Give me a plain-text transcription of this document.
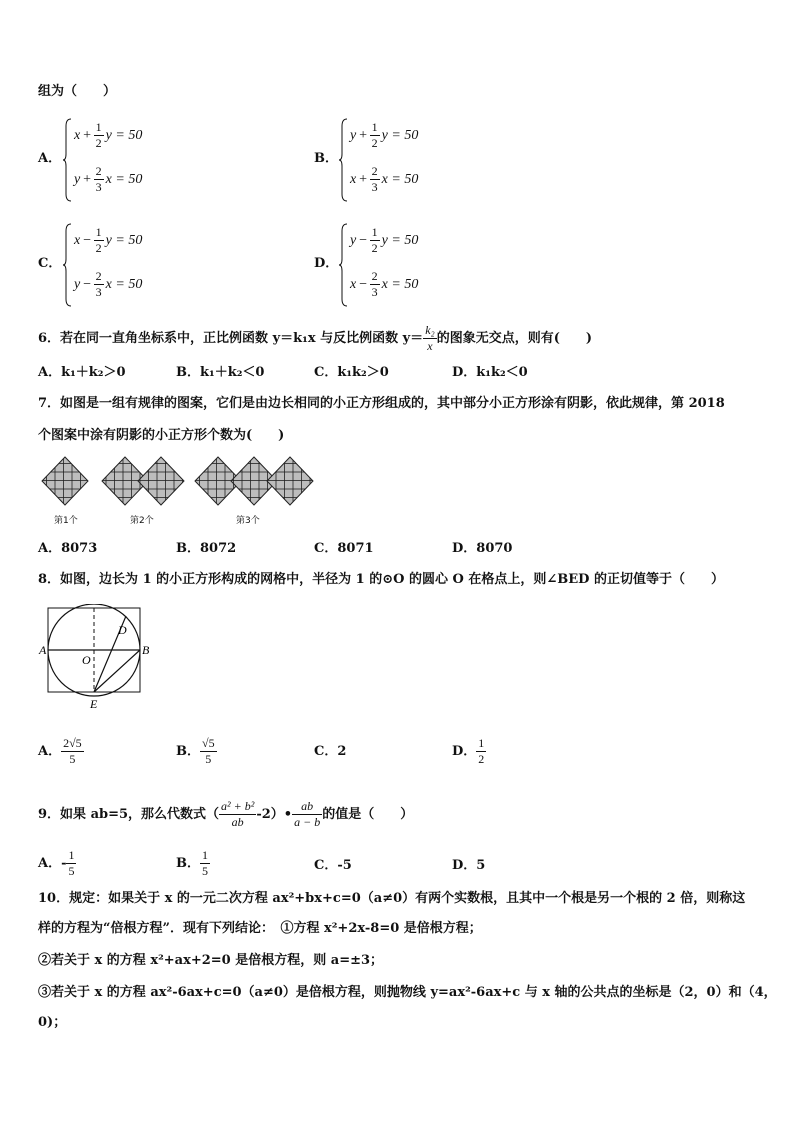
组为（　　）
A．
$x + \frac{1}{2}$ y = 50
$y + \frac{2}{3}$ x = 50
B．
$y + \frac{1}{2}$ y = 50
$x + \frac{2}{3}$ x = 50
C．
$x - \frac{1}{2}$ y = 50
$y - \frac{2}{3}$ x = 50
D．
$y - \frac{1}{2}$ y = 50
$x - \frac{2}{3}$ x = 50
6．若在同一直角坐标系中，正比例函数 y＝k₁x 与反比例函数 $y= \frac{\text{k₂}}{x}$ 的图象无交点，则有(　　)
A．k₁＋k₂＞0	B．k₁＋k₂＜0	C．k₁k₂＞0	D．k₁k₂＜0
7．如图是一组有规律的图案，它们是由边长相同的小正方形组成的，其中部分小正方形涂有阴影，依此规律，第 2018
个图案中涂有阴影的小正方形个数为(　　)
第1个	第2个	第3个
A．8073	B．8072	C．8071	D．8070
8．如图，边长为 1 的小正方形构成的网格中，半径为 1 的⊙O 的圆心 O 在格点上，则∠BED 的正切值等于（　　）
A	B
O
D
E
A． $\frac{2√5}{5}$	B． $\frac{√5}{5}$	C．2	D． $\frac{1}{2}$
9．如果 ab=5，那么代数式（ $\frac{\text{a² + b²}}{ab}$ -2）• $\frac{ab}{a - b}$ 的值是（　　）
A．- $\frac{1}{5}$	B． $\frac{1}{5}$	C．-5	D．5
10．规定：如果关于 x 的一元二次方程 ax²+bx+c=0（a≠0）有两个实数根，且其中一个根是另一个根的 2 倍，则称这
样的方程为“倍根方程”．现有下列结论：　①方程 x²+2x-8=0 是倍根方程；
②若关于 x 的方程 x²+ax+2=0 是倍根方程，则 a=±3；
③若关于 x 的方程 ax²-6ax+c=0（a≠0）是倍根方程，则抛物线 y=ax²-6ax+c 与 x 轴的公共点的坐标是（2，0）和（4，
0)；
